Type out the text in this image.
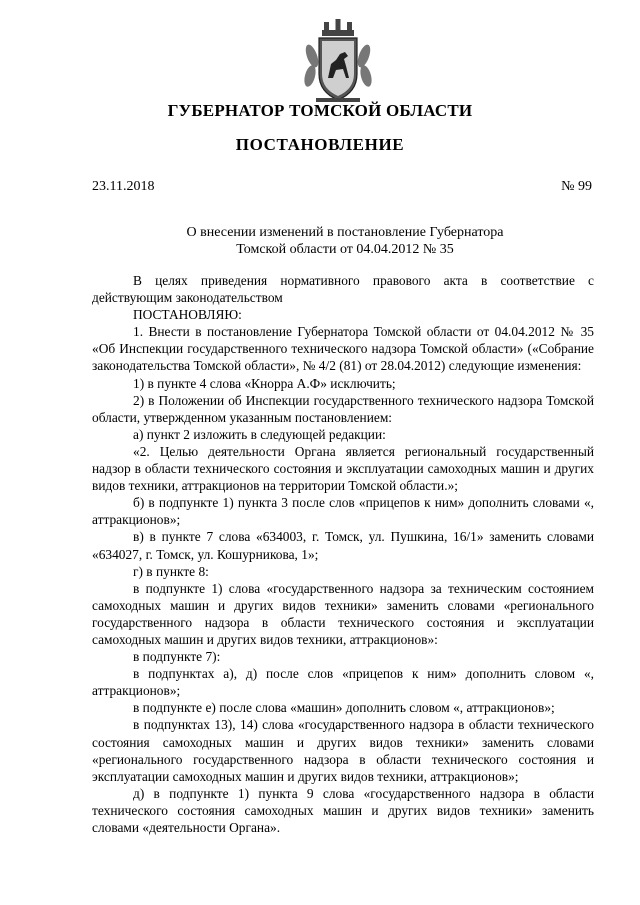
ГУБЕРНАТОР ТОМСКОЙ ОБЛАСТИ
ПОСТАНОВЛЕНИЕ
23.11.2018	№ 99
О внесении изменений в постановление Губернатора
Томской области от 04.04.2012 № 35

В целях приведения нормативного правового акта в соответствие с действующим законодательством

ПОСТАНОВЛЯЮ:

1. Внести в постановление Губернатора Томской области от 04.04.2012 № 35 «Об Инспекции государственного технического надзора Томской области» («Собрание законодательства Томской области», № 4/2 (81) от 28.04.2012) следующие изменения:

1) в пункте 4 слова «Кнорра А.Ф» исключить;

2) в Положении об Инспекции государственного технического надзора Томской области, утвержденном указанным постановлением:

а) пункт 2 изложить в следующей редакции:

«2. Целью деятельности Органа является региональный государственный надзор в области технического состояния и эксплуатации самоходных машин и других видов техники, аттракционов на территории Томской области.»;

б) в подпункте 1) пункта 3 после слов «прицепов к ним» дополнить словами «, аттракционов»;

в) в пункте 7 слова «634003, г. Томск, ул. Пушкина, 16/1» заменить словами «634027, г. Томск, ул. Кошурникова, 1»;

г) в пункте 8:

в подпункте 1) слова «государственного надзора за техническим состоянием самоходных машин и других видов техники» заменить словами «регионального государственного надзора в области технического состояния и эксплуатации самоходных машин и других видов техники, аттракционов»:

в подпункте 7):

в подпунктах а), д) после слов «прицепов к ним» дополнить словом «, аттракционов»;

в подпункте е) после слова «машин» дополнить словом «, аттракционов»;

в подпунктах 13), 14) слова «государственного надзора в области технического состояния самоходных машин и других видов техники» заменить словами «регионального государственного надзора в области технического состояния и эксплуатации самоходных машин и других видов техники, аттракционов»;

д) в подпункте 1) пункта 9 слова «государственного надзора в области технического состояния самоходных машин и других видов техники» заменить словами «деятельности Органа».
